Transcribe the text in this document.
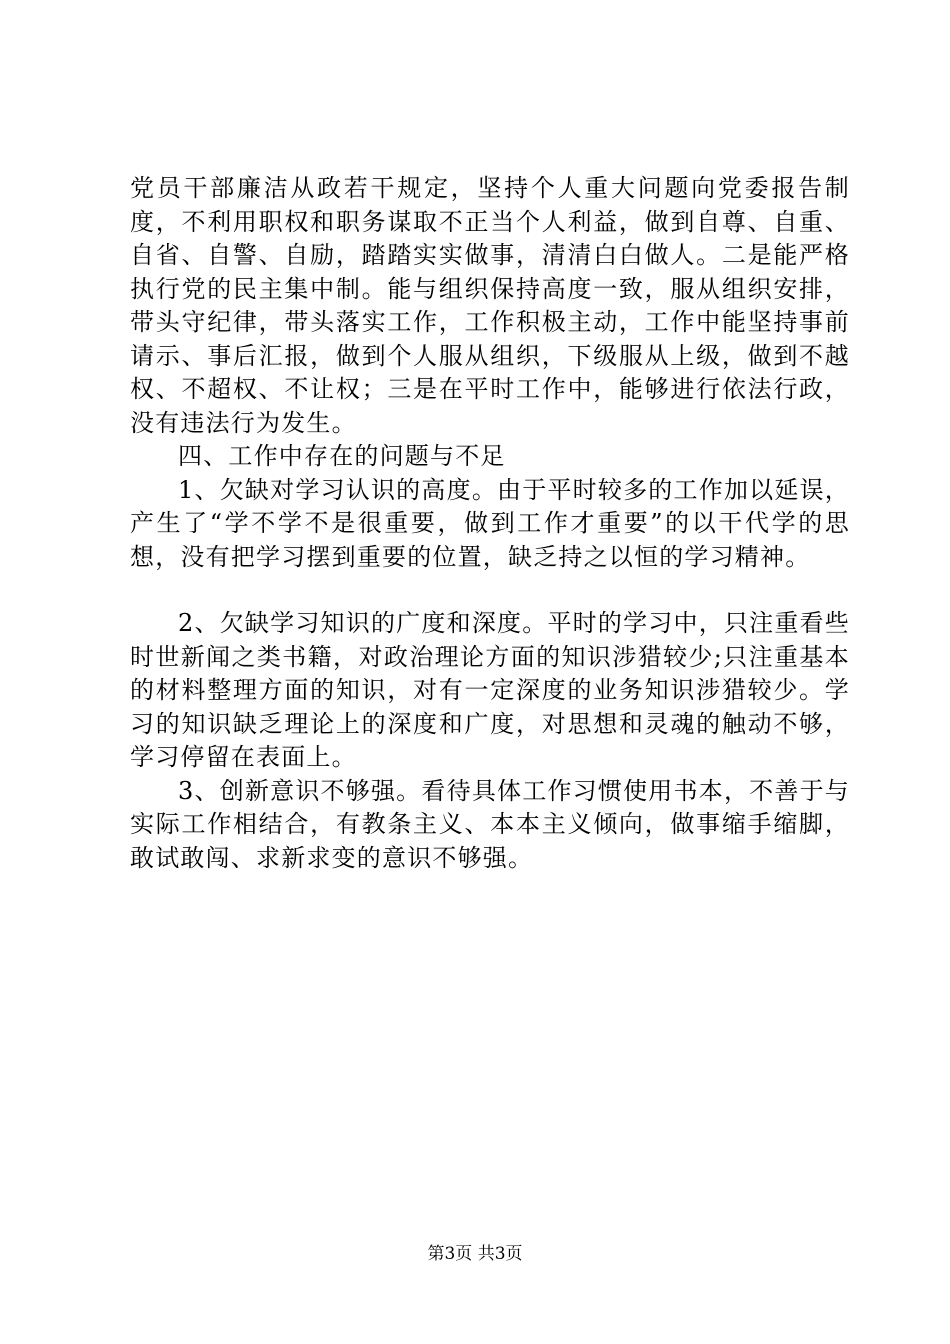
党员干部廉洁从政若干规定，坚持个人重大问题向党委报告制度，不利用职权和职务谋取不正当个人利益，做到自尊、自重、自省、自警、自励，踏踏实实做事，清清白白做人。二是能严格执行党的民主集中制。能与组织保持高度一致，服从组织安排，带头守纪律，带头落实工作，工作积极主动，工作中能坚持事前请示、事后汇报，做到个人服从组织，下级服从上级，做到不越权、不超权、不让权；三是在平时工作中，能够进行依法行政，没有违法行为发生。

四、工作中存在的问题与不足

1、欠缺对学习认识的高度。由于平时较多的工作加以延误，产生了“学不学不是很重要，做到工作才重要”的以干代学的思想，没有把学习摆到重要的位置，缺乏持之以恒的学习精神。

2、欠缺学习知识的广度和深度。平时的学习中，只注重看些时世新闻之类书籍，对政治理论方面的知识涉猎较少;只注重基本的材料整理方面的知识，对有一定深度的业务知识涉猎较少。学习的知识缺乏理论上的深度和广度，对思想和灵魂的触动不够，学习停留在表面上。

3、创新意识不够强。看待具体工作习惯使用书本，不善于与实际工作相结合，有教条主义、本本主义倾向，做事缩手缩脚，敢试敢闯、求新求变的意识不够强。

第3页 共3页
